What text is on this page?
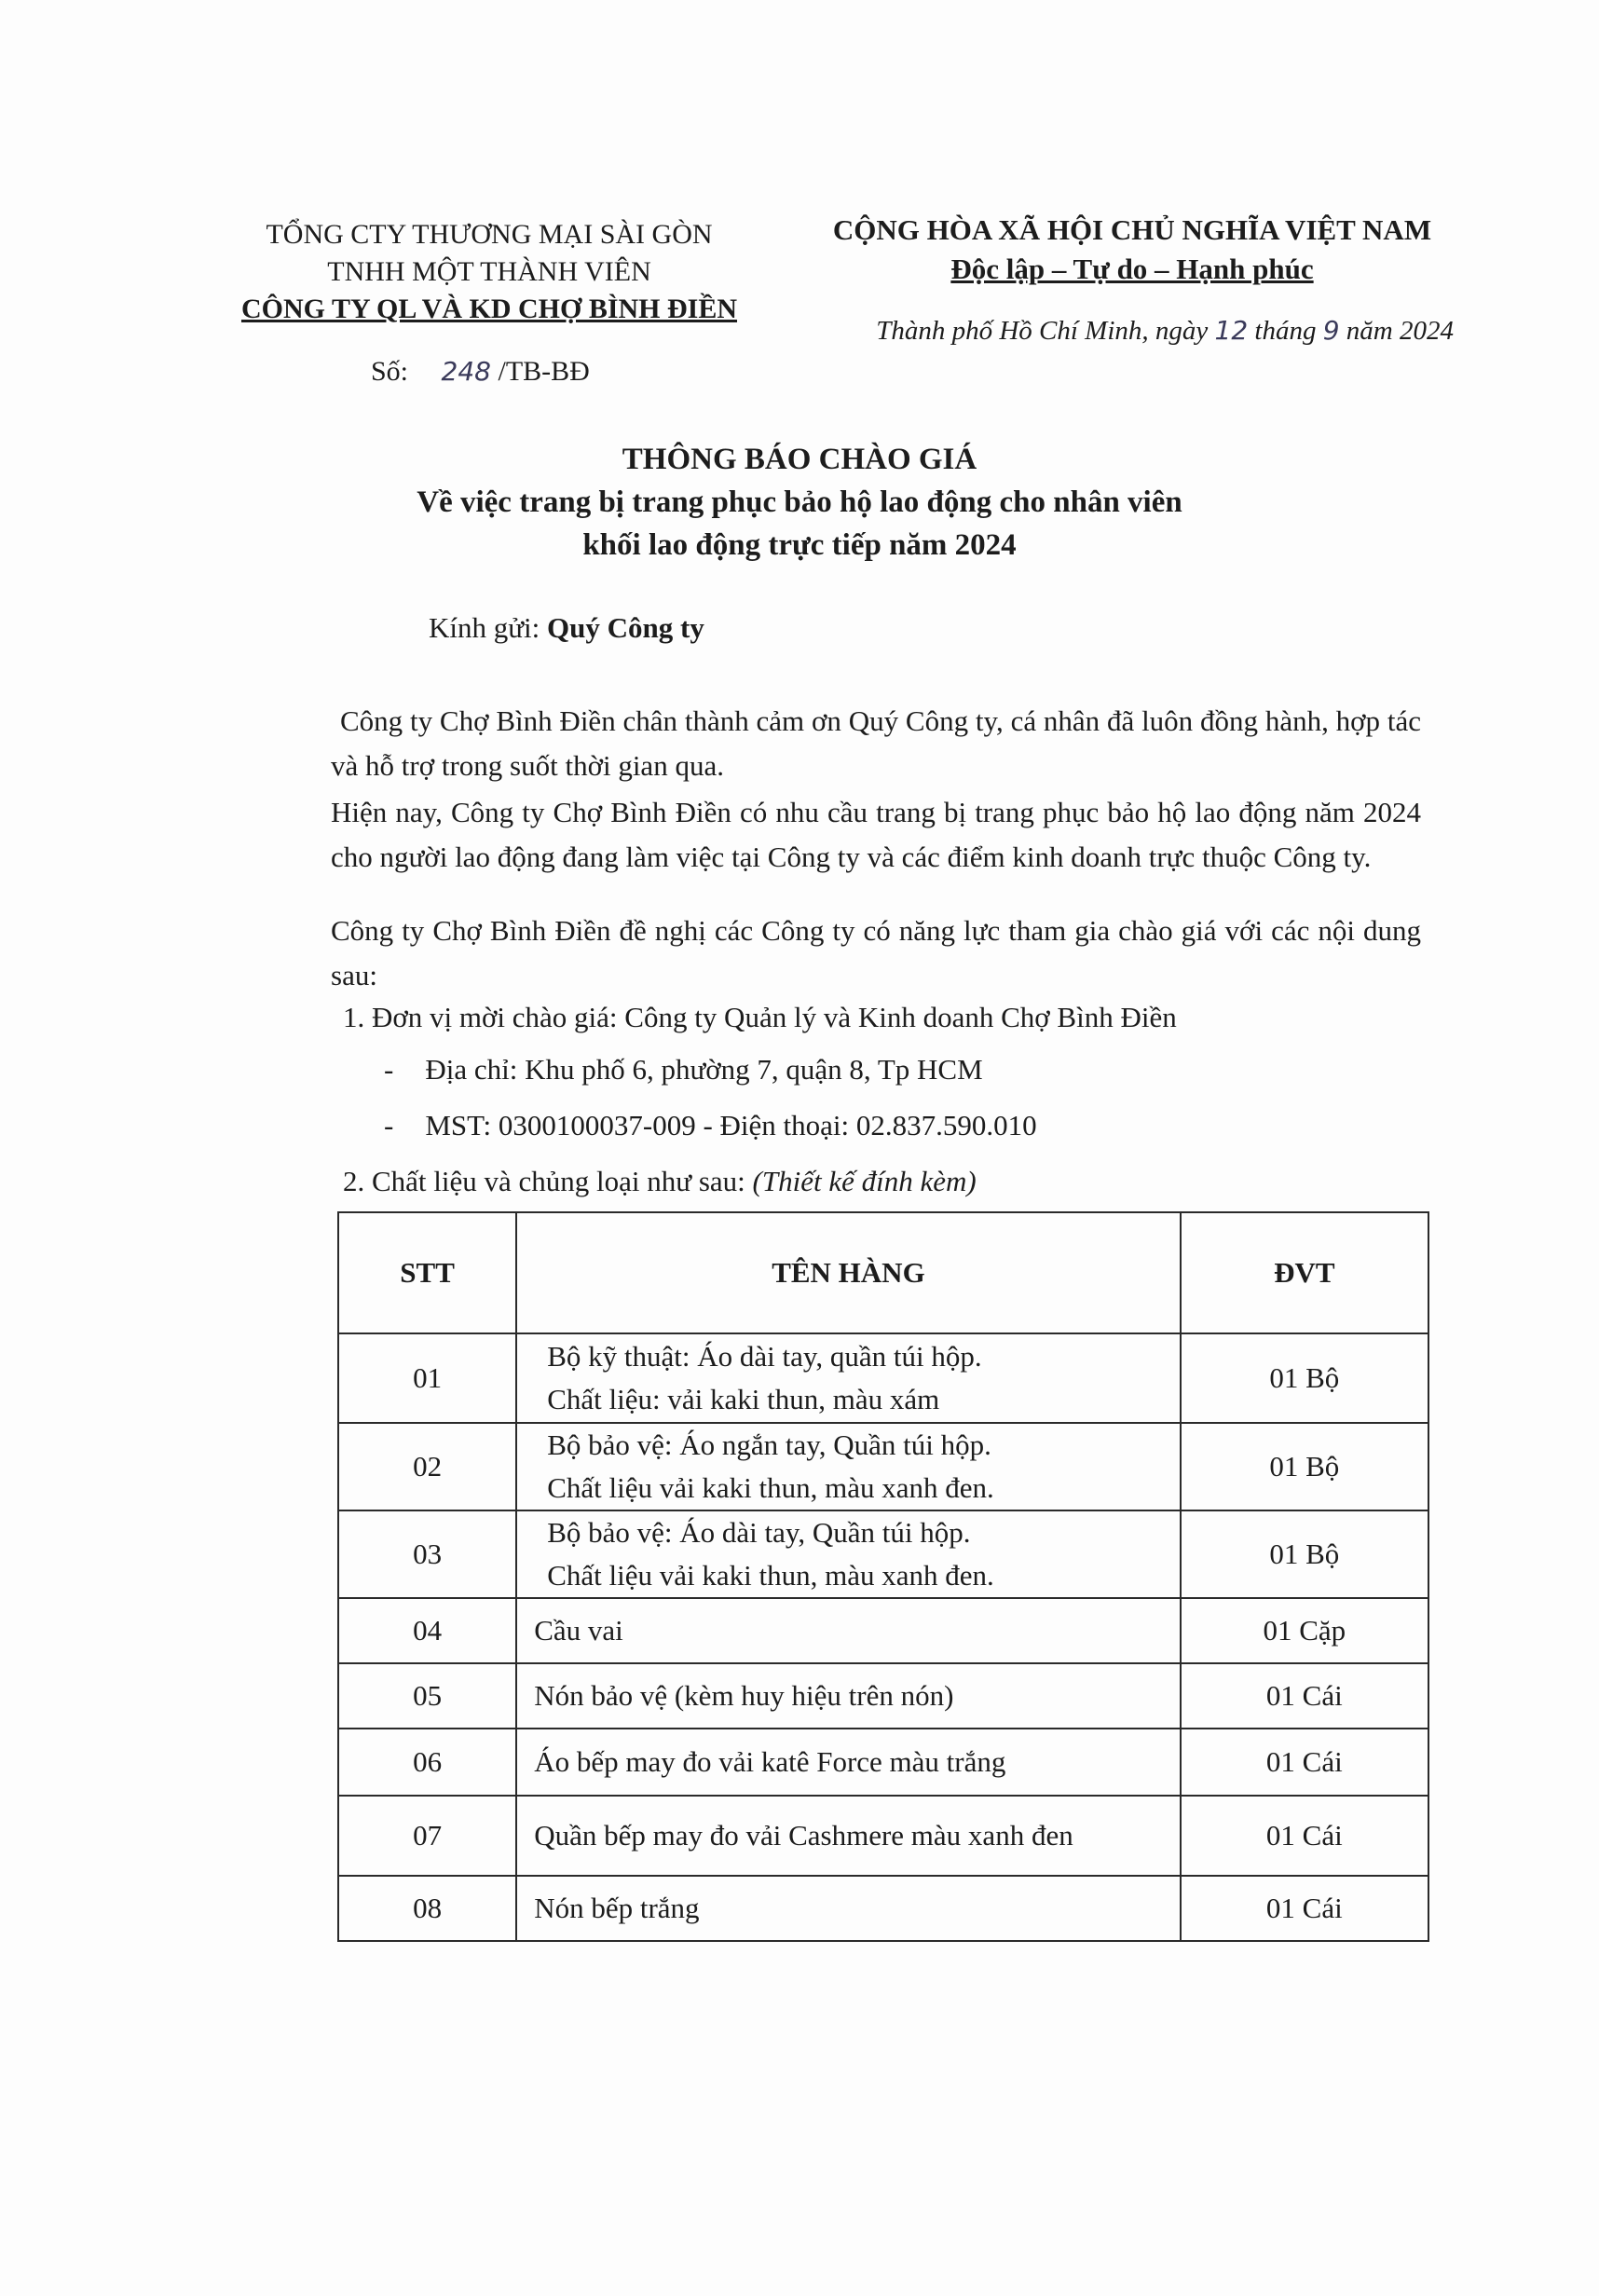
TỔNG CTY THƯƠNG MẠI SÀI GÒN
TNHH MỘT THÀNH VIÊN
CÔNG TY QL VÀ KD CHỢ BÌNH ĐIỀN
CỘNG HÒA XÃ HỘI CHỦ NGHĨA VIỆT NAM
Độc lập – Tự do – Hạnh phúc
Thành phố Hồ Chí Minh, ngày 12 tháng 9 năm 2024
Số: 248 /TB-BĐ
THÔNG BÁO CHÀO GIÁ
Về việc trang bị trang phục bảo hộ lao động cho nhân viên
khối lao động trực tiếp năm 2024
Kính gửi: Quý Công ty
Công ty Chợ Bình Điền chân thành cảm ơn Quý Công ty, cá nhân đã luôn đồng hành, hợp tác và hỗ trợ trong suốt thời gian qua.
Hiện nay, Công ty Chợ Bình Điền có nhu cầu trang bị trang phục bảo hộ lao động năm 2024 cho người lao động đang làm việc tại Công ty và các điểm kinh doanh trực thuộc Công ty.
Công ty Chợ Bình Điền đề nghị các Công ty có năng lực tham gia chào giá với các nội dung sau:
1. Đơn vị mời chào giá: Công ty Quản lý và Kinh doanh Chợ Bình Điền
- Địa chỉ: Khu phố 6, phường 7, quận 8, Tp HCM
- MST: 0300100037-009 - Điện thoại: 02.837.590.010
2. Chất liệu và chủng loại như sau: (Thiết kế đính kèm)
STT	TÊN HÀNG	ĐVT
01	Bộ kỹ thuật: Áo dài tay, quần túi hộp.
Chất liệu: vải kaki thun, màu xám	01 Bộ
02	Bộ bảo vệ: Áo ngắn tay, Quần túi hộp.
Chất liệu vải kaki thun, màu xanh đen.	01 Bộ
03	Bộ bảo vệ: Áo dài tay, Quần túi hộp.
Chất liệu vải kaki thun, màu xanh đen.	01 Bộ
04	Cầu vai	01 Cặp
05	Nón bảo vệ (kèm huy hiệu trên nón)	01 Cái
06	Áo bếp may đo vải katê Force màu trắng	01 Cái
07	Quần bếp may đo vải Cashmere màu xanh đen	01 Cái
08	Nón bếp trắng	01 Cái
